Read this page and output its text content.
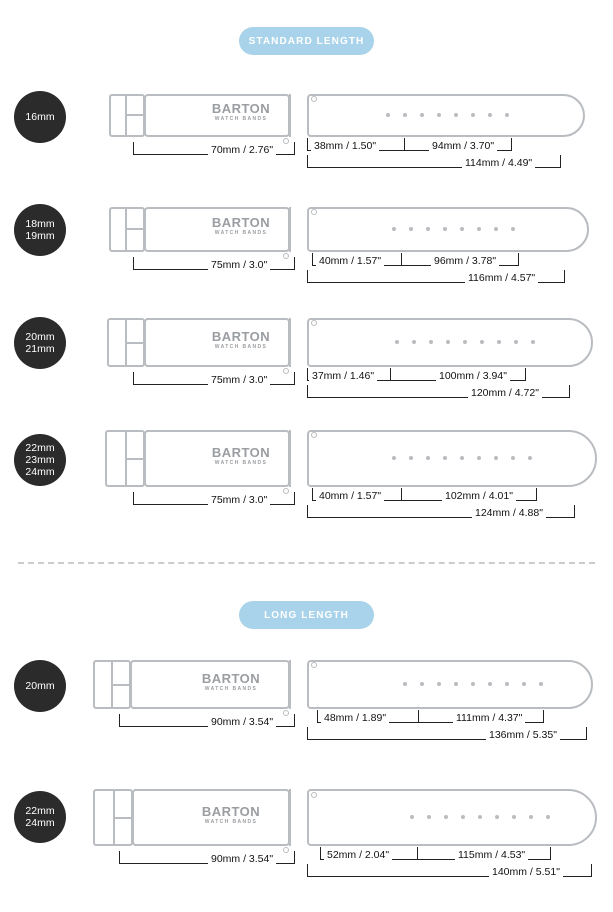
STANDARD LENGTH
16mm
BARTON
WATCH BANDS
70mm / 2.76"	38mm / 1.50"	94mm / 3.70"
114mm / 4.49"
18mm
19mm
BARTON
WATCH BANDS
75mm / 3.0"	40mm / 1.57"	96mm / 3.78"
116mm / 4.57"
20mm
21mm
BARTON
WATCH BANDS
75mm / 3.0"	37mm / 1.46"	100mm / 3.94"
120mm / 4.72"
22mm
23mm
24mm
BARTON
WATCH BANDS
75mm / 3.0"	40mm / 1.57"	102mm / 4.01"
124mm / 4.88"
LONG LENGTH
20mm	BARTON
WATCH BANDS
90mm / 3.54"	48mm / 1.89"	111mm / 4.37"
136mm / 5.35"
22mm
24mm
BARTON
WATCH BANDS
90mm / 3.54"	52mm / 2.04"	115mm / 4.53"
140mm / 5.51"
